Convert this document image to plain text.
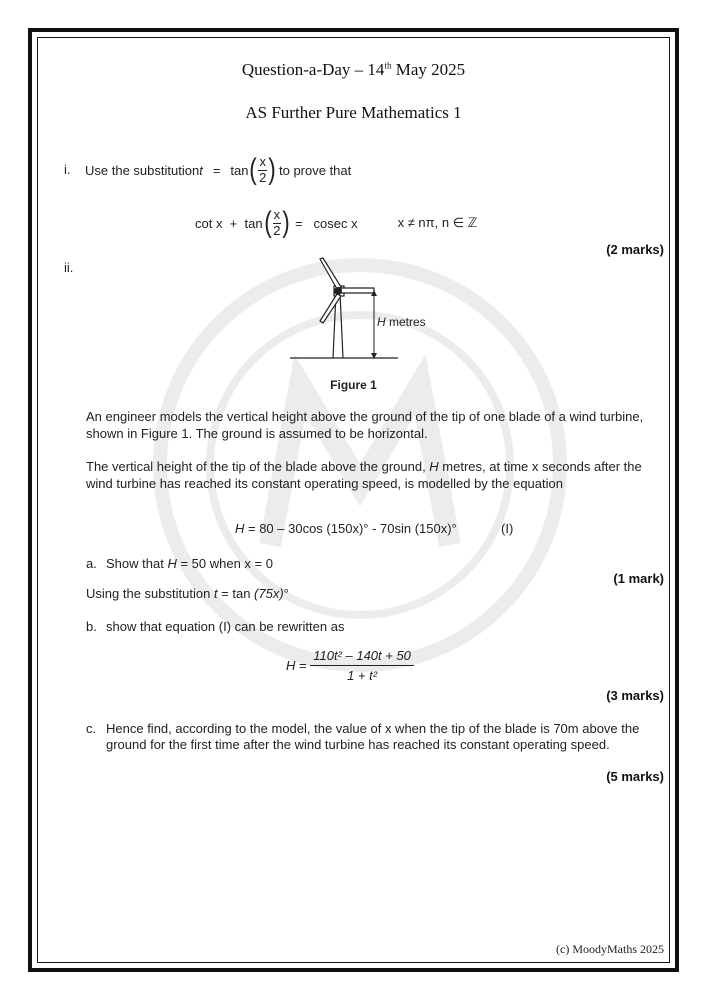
Question-a-Day – 14th May 2025
AS Further Pure Mathematics 1
i. Use the substitution t = tan ( $\frac{x}{2}$ ) to prove that
cot x  +  tan ( $\frac{x}{2}$ ) =   cosec x	x ≠ nπ, n ∈ ℤ
(2 marks)
ii.
H metres
Figure 1
An engineer models the vertical height above the ground of the tip of one blade of a wind turbine, shown in Figure 1. The ground is assumed to be horizontal.
The vertical height of the tip of the blade above the ground, H metres, at time x seconds after the wind turbine has reached its constant operating speed, is modelled by the equation
H = 80 – 30cos (150x)° - 70sin (150x)°	(I)
a. Show that H = 50 when x = 0
(1 mark)
Using the substitution t = tan (75x)°
b. show that equation (I) can be rewritten as
$H = \frac{\text{110t² – 140t + 50}}{\text{1 + t²}}$
(3 marks)
c. Hence find, according to the model, the value of x when the tip of the blade is 70m above the ground for the first time after the wind turbine has reached its constant operating speed.
(5 marks)
(c) MoodyMaths 2025
